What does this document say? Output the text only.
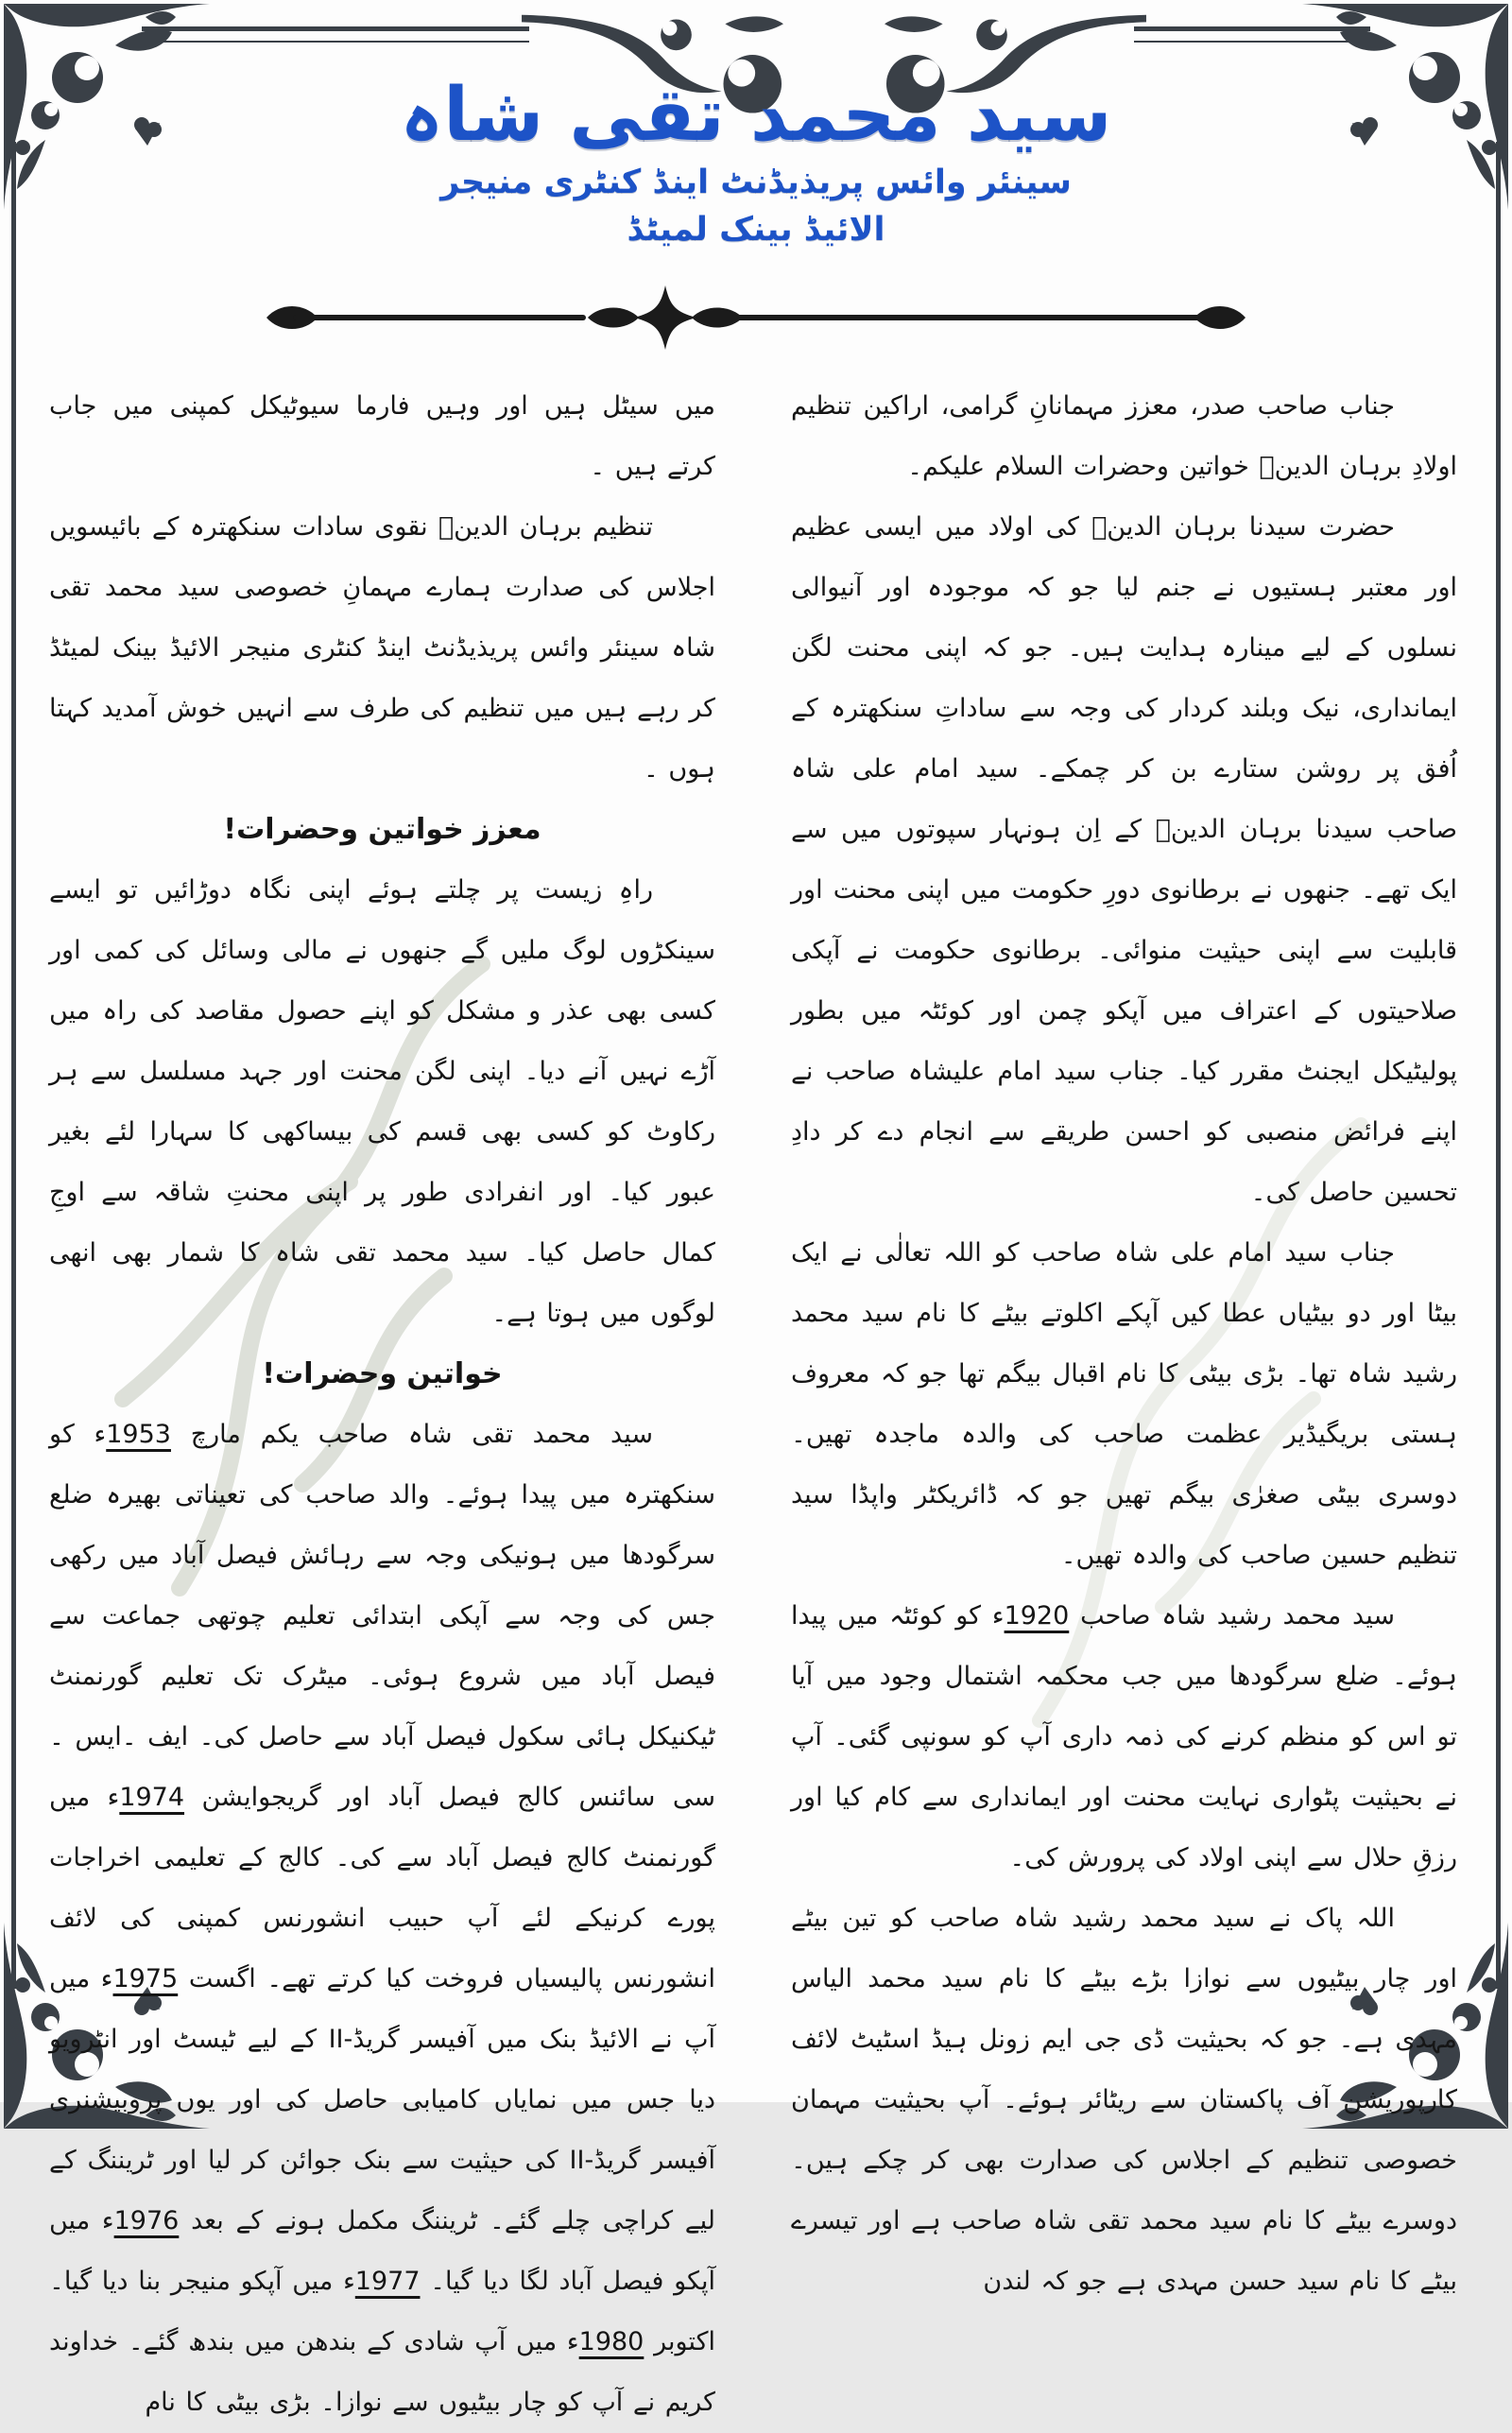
سید محمد تقی شاہ
سینئر وائس پریذیڈنٹ اینڈ کنٹری منیجر
الائیڈ بینک لمیٹڈ

جناب صاحب صدر، معزز مہمانانِ گرامی، اراکین تنظیم اولادِ برہان الدینؒ خواتین وحضرات السلام علیکم۔

حضرت سیدنا برہان الدینؒ کی اولاد میں ایسی عظیم اور معتبر ہستیوں نے جنم لیا جو کہ موجودہ اور آنیوالی نسلوں کے لیے مینارہ ہدایت ہیں۔ جو کہ اپنی محنت لگن ایمانداری، نیک وبلند کردار کی وجہ سے ساداتِ سنکھترہ کے اُفق پر روشن ستارے بن کر چمکے۔ سید امام علی شاہ صاحب سیدنا برہان الدینؒ کے اِن ہونہار سپوتوں میں سے ایک تھے۔ جنھوں نے برطانوی دورِ حکومت میں اپنی محنت اور قابلیت سے اپنی حیثیت منوائی۔ برطانوی حکومت نے آپکی صلاحیتوں کے اعتراف میں آپکو چمن اور کوئٹہ میں بطور پولیٹیکل ایجنٹ مقرر کیا۔ جناب سید امام علیشاہ صاحب نے اپنے فرائض منصبی کو احسن طریقے سے انجام دے کر دادِ تحسین حاصل کی۔

جناب سید امام علی شاہ صاحب کو اللہ تعالٰی نے ایک بیٹا اور دو بیٹیاں عطا کیں آپکے اکلوتے بیٹے کا نام سید محمد رشید شاہ تھا۔ بڑی بیٹی کا نام اقبال بیگم تھا جو کہ معروف ہستی بریگیڈیر عظمت صاحب کی والدہ ماجدہ تھیں۔ دوسری بیٹی صغرٰی بیگم تھیں جو کہ ڈائریکٹر واپڈا سید تنظیم حسین صاحب کی والدہ تھیں۔

سید محمد رشید شاہ صاحب 1920ء کو کوئٹہ میں پیدا ہوئے۔ ضلع سرگودھا میں جب محکمہ اشتمال وجود میں آیا تو اس کو منظم کرنے کی ذمہ داری آپ کو سونپی گئی۔ آپ نے بحیثیت پٹواری نہایت محنت اور ایمانداری سے کام کیا اور رزقِ حلال سے اپنی اولاد کی پرورش کی۔

اللہ پاک نے سید محمد رشید شاہ صاحب کو تین بیٹے اور چار بیٹیوں سے نوازا بڑے بیٹے کا نام سید محمد الیاس مہدی ہے۔ جو کہ بحیثیت ڈی جی ایم زونل ہیڈ اسٹیٹ لائف کارپوریشن آف پاکستان سے ریٹائر ہوئے۔ آپ بحیثیت مہمان خصوصی تنظیم کے اجلاس کی صدارت بھی کر چکے ہیں۔ دوسرے بیٹے کا نام سید محمد تقی شاہ صاحب ہے اور تیسرے بیٹے کا نام سید حسن مہدی ہے جو کہ لندن

میں سیٹل ہیں اور وہیں فارما سیوٹیکل کمپنی میں جاب کرتے ہیں ۔

تنظیم برہان الدینؒ نقوی سادات سنکھترہ کے بائیسویں اجلاس کی صدارت ہمارے مہمانِ خصوصی سید محمد تقی شاہ سینئر وائس پریذیڈنٹ اینڈ کنٹری منیجر الائیڈ بینک لمیٹڈ کر رہے ہیں میں تنظیم کی طرف سے انہیں خوش آمدید کہتا ہوں ۔

معزز خواتین وحضرات!

راہِ زیست پر چلتے ہوئے اپنی نگاہ دوڑائیں تو ایسے سینکڑوں لوگ ملیں گے جنھوں نے مالی وسائل کی کمی اور کسی بھی عذر و مشکل کو اپنے حصول مقاصد کی راہ میں آڑے نہیں آنے دیا۔ اپنی لگن محنت اور جہد مسلسل سے ہر رکاوٹ کو کسی بھی قسم کی بیساکھی کا سہارا لئے بغیر عبور کیا۔ اور انفرادی طور پر اپنی محنتِ شاقہ سے اوجِ کمال حاصل کیا۔ سید محمد تقی شاہ کا شمار بھی انھی لوگوں میں ہوتا ہے۔

خواتین وحضرات!

سید محمد تقی شاہ صاحب یکم مارچ 1953ء کو سنکھترہ میں پیدا ہوئے۔ والد صاحب کی تعیناتی بھیرہ ضلع سرگودھا میں ہونیکی وجہ سے رہائش فیصل آباد میں رکھی جس کی وجہ سے آپکی ابتدائی تعلیم چوتھی جماعت سے فیصل آباد میں شروع ہوئی۔ میٹرک تک تعلیم گورنمنٹ ٹیکنیکل ہائی سکول فیصل آباد سے حاصل کی۔ ایف ۔ایس ۔سی سائنس کالج فیصل آباد اور گریجوایشن 1974ء میں گورنمنٹ کالج فیصل آباد سے کی۔ کالج کے تعلیمی اخراجات پورے کرنیکے لئے آپ حبیب انشورنس کمپنی کی لائف انشورنس پالیسیاں فروخت کیا کرتے تھے۔ اگست 1975ء میں آپ نے الائیڈ بنک میں آفیسر گریڈ-II کے لیے ٹیسٹ اور انٹرویو دیا جس میں نمایاں کامیابی حاصل کی اور یوں پروبیشنری آفیسر گریڈ-II کی حیثیت سے بنک جوائن کر لیا اور ٹریننگ کے لیے کراچی چلے گئے۔ ٹریننگ مکمل ہونے کے بعد 1976ء میں آپکو فیصل آباد لگا دیا گیا۔ 1977ء میں آپکو منیجر بنا دیا گیا۔ اکتوبر 1980ء میں آپ شادی کے بندھن میں بندھ گئے۔ خداوند کریم نے آپ کو چار بیٹیوں سے نوازا۔ بڑی بیٹی کا نام
